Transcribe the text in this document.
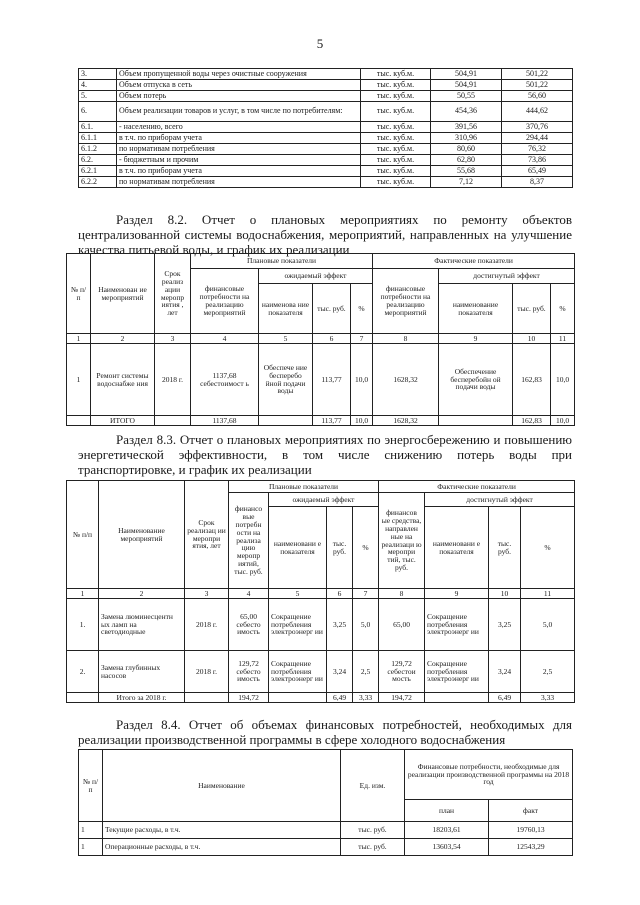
5
3.	Объем пропущенной воды через очистные сооружения	тыс. куб.м.	504,91	501,22
4.	Объем отпуска в сеть	тыс. куб.м.	504,91	501,22
5.	Объем потерь	тыс. куб.м.	50,55	56,60
6.	Объем реализации товаров и услуг, в том числе по потребителям:	тыс. куб.м.	454,36	444,62
6.1.	- населению, всего	тыс. куб.м.	391,56	370,76
6.1.1	в т.ч. по приборам учета	тыс. куб.м.	310,96	294,44
6.1.2	по нормативам потребления	тыс. куб.м.	80,60	76,32
6.2.	- бюджетным и прочим	тыс. куб.м.	62,80	73,86
6.2.1	в т.ч. по приборам учета	тыс. куб.м.	55,68	65,49
6.2.2	по нормативам потребления	тыс. куб.м.	7,12	8,37

Раздел 8.2. Отчет о плановых мероприятиях по ремонту объектов централизованной системы водоснабжения, мероприятий, направленных на улучшение качества питьевой воды, и график их реализации

№ п/ п	Наименован ие мероприятий	Срок реализ ации меропр иятия , лет	Плановые показатели				Фактические показатели			
			финансовые потребности на реализацию мероприятий	ожидаемый эффект			финансовые потребности на реализацию мероприятий	достигнутый эффект		
				наименова ние показателя	тыс. руб.	%		наименование показателя	тыс. руб.	%
1	2	3	4	5	6	7	8	9	10	11
1	Ремонт системы водоснабже ния	2018 г.	1137,68 себестоимост ь	Обеспече ние бесперебо йной подачи воды	113,77	10,0	1628,32	Обеспечение бесперебойн ой подачи воды	162,83	10,0
	ИТОГО		1137,68		113,77	10,0	1628,32		162,83	10,0

Раздел 8.3. Отчет о плановых мероприятиях по энергосбережению и повышению энергетической эффективности, в том числе снижению потерь воды при транспортировке, и график их реализации

№ п/п	Наименование мероприятий	Срок реализац ии меропри ятия, лет	Плановые показатели				Фактические показатели			
			финансо вые потребн ости на реализа цию меропр иятий, тыс. руб.	ожидаемый эффект			финансов ые средства, направлен ные на реализаци ю меропри тий, тыс. руб.	достигнутый эффект		
				наименовани е показателя	тыс. руб.	%		наименовани е показателя	тыс. руб.	%
1	2	3	4	5	6	7	8	9	10	11
1.	Замена люминесцентн ых ламп на светодиодные	2018 г.	65,00 себесто имость	Сокращение потребления электроэнерг ии	3,25	5,0	65,00	Сокращение потребления электроэнерг ии	3,25	5,0
2.	Замена глубинных насосов	2018 г.	129,72 себесто имость	Сокращение потребления электроэнерг ии	3,24	2,5	129,72 себестои мость	Сокращение потребления электроэнерг ии	3,24	2,5
	Итого за 2018 г.		194,72		6,49	3,33	194,72		6,49	3,33

Раздел 8.4. Отчет об объемах финансовых потребностей, необходимых для реализации производственной программы в сфере холодного водоснабжения

№ п/п	Наименование	Ед. изм.	Финансовые потребности, необходимые для реализации производственной программы на 2018 год	
			план	факт
1	Текущие расходы, в т.ч.	тыс. руб.	18203,61	19760,13
1	Операционные расходы, в т.ч.	тыс. руб.	13603,54	12543,29
